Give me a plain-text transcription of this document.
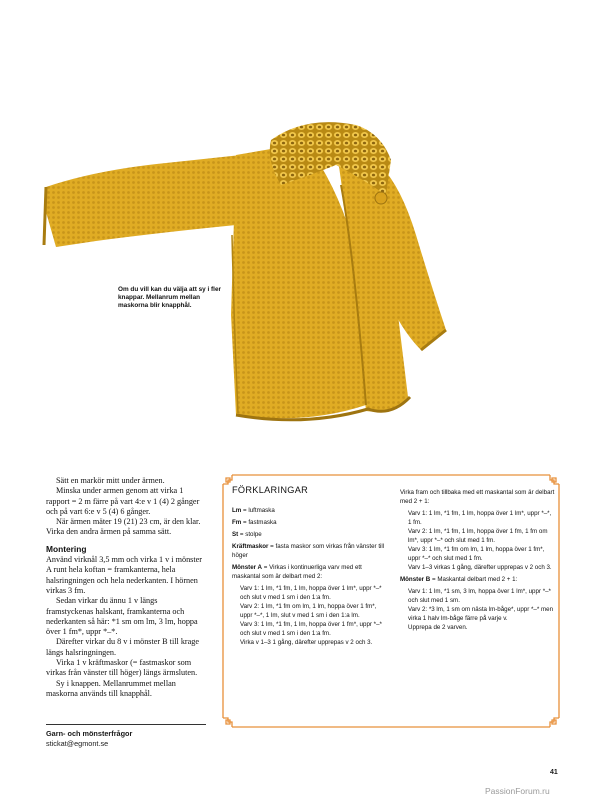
Om du vill kan du välja att sy i fler knappar. Mellanrum mellan maskorna blir knapphål.

Sätt en markör mitt under ärmen.

Minska under armen genom att virka 1 rapport = 2 m färre på vart 4:e v 1 (4) 2 gånger och på vart 6:e v 5 (4) 6 gånger.

När ärmen mäter 19 (21) 23 cm, är den klar. Virka den andra ärmen på samma sätt.

Montering

Använd virknål 3,5 mm och virka 1 v i mönster A runt hela koftan = framkanterna, hela halsringningen och hela nederkanten. I hörnen virkas 3 fm.

Sedan virkar du ännu 1 v längs framstyckenas halskant, framkanterna och nederkanten så här: *1 sm om lm, 3 lm, hoppa över 1 fm*, uppr *–*.

Därefter virkar du 8 v i mönster B till krage längs halsringningen.

Virka 1 v kräftmaskor (= fastmaskor som virkas från vänster till höger) längs ärmsluten.

Sy i knappen. Mellanrummet mellan maskorna används till knapphål.

Garn- och mönsterfrågor
stickat@egmont.se
FÖRKLARINGAR

Lm = luftmaska

Fm = fastmaska

St = stolpe

Kräftmaskor = fasta maskor som virkas från vänster till höger

Mönster A = Virkas i kontinuerliga varv med ett maskantal som är delbart med 2:

Varv 1: 1 lm, *1 fm, 1 lm, hoppa över 1 lm*, uppr *–* och slut v med 1 sm i den 1:a fm.

Varv 2: 1 lm, *1 fm om lm, 1 lm, hoppa över 1 fm*, uppr *–*, 1 lm, slut v med 1 sm i den 1:a lm.

Varv 3: 1 lm, *1 fm, 1 lm, hoppa över 1 fm*, uppr *–* och slut v med 1 sm i den 1:a fm.

Virka v 1–3 1 gång, därefter upprepas v 2 och 3.

Virka fram och tillbaka med ett maskantal som är delbart med 2 + 1:

Varv 1: 1 lm, *1 fm, 1 lm, hoppa över 1 lm*, uppr *–*, 1 fm.

Varv 2: 1 lm, *1 fm, 1 lm, hoppa över 1 fm, 1 fm om lm*, uppr *–* och slut med 1 fm.

Varv 3: 1 lm, *1 fm om lm, 1 lm, hoppa över 1 fm*, uppr *–* och slut med 1 fm.

Varv 1–3 virkas 1 gång, därefter upprepas v 2 och 3.

Mönster B = Maskantal delbart med 2 + 1:

Varv 1: 1 lm, *1 sm, 3 lm, hoppa över 1 lm*, uppr *–* och slut med 1 sm.

Varv 2: *3 lm, 1 sm om nästa lm-båge*, uppr *–* men virka 1 halv lm-båge färre på varje v.

Upprepa de 2 varven.

41
PassionForum.ru
